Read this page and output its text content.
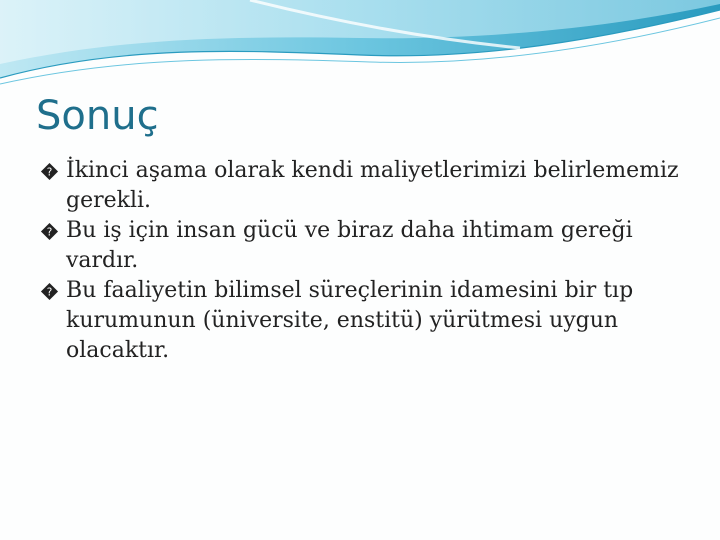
Sonuç
? İkinci aşama olarak kendi maliyetlerimizi belirlememiz gerekli.
? Bu iş için insan gücü ve biraz daha ihtimam gereği vardır.
? Bu faaliyetin bilimsel süreçlerinin idamesini bir tıp kurumunun (üniversite, enstitü) yürütmesi uygun olacaktır.
